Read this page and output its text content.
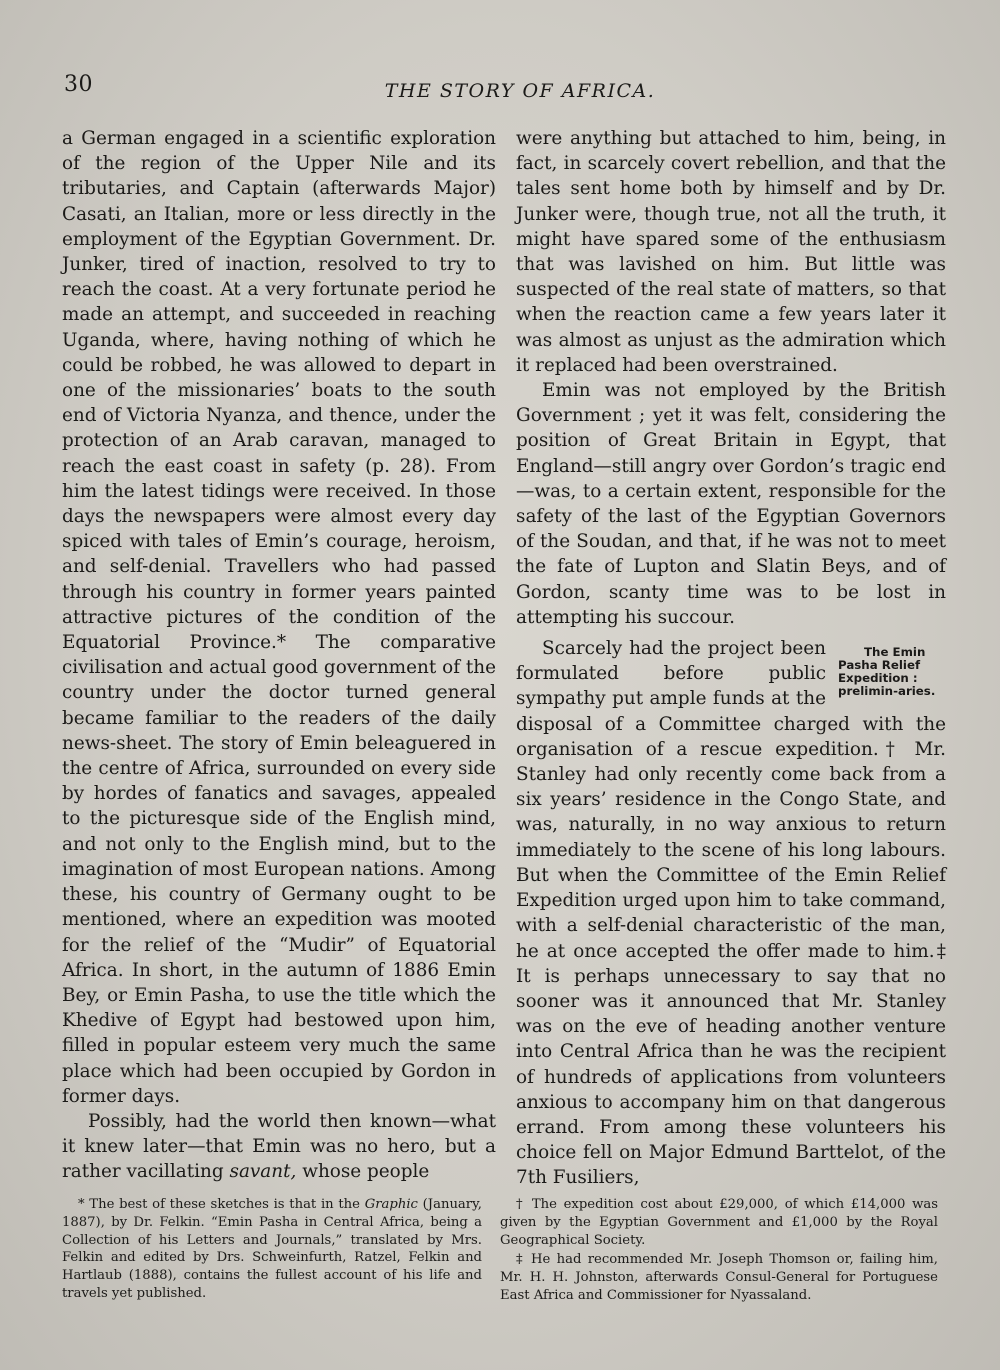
30	THE STORY OF AFRICA.

a German engaged in a scientific exploration of the region of the Upper Nile and its tributaries, and Captain (afterwards Major) Casati, an Italian, more or less directly in the employment of the Egyptian Government. Dr. Junker, tired of inaction, resolved to try to reach the coast. At a very fortunate period he made an attempt, and succeeded in reaching Uganda, where, having nothing of which he could be robbed, he was allowed to depart in one of the missionaries’ boats to the south end of Victoria Nyanza, and thence, under the protection of an Arab caravan, managed to reach the east coast in safety (p. 28). From him the latest tidings were received. In those days the newspapers were almost every day spiced with tales of Emin’s courage, heroism, and self-denial. Travellers who had passed through his country in former years painted attractive pictures of the condition of the Equatorial Province.* The comparative civilisation and actual good government of the country under the doctor turned general became familiar to the readers of the daily news-sheet. The story of Emin beleaguered in the centre of Africa, surrounded on every side by hordes of fanatics and savages, appealed to the picturesque side of the English mind, and not only to the English mind, but to the imagination of most European nations. Among these, his country of Germany ought to be mentioned, where an expedition was mooted for the relief of the “Mudir” of Equatorial Africa. In short, in the autumn of 1886 Emin Bey, or Emin Pasha, to use the title which the Khedive of Egypt had bestowed upon him, filled in popular esteem very much the same place which had been occupied by Gordon in former days.

Possibly, had the world then known—what it knew later—that Emin was no hero, but a rather vacillating savant, whose people

were anything but attached to him, being, in fact, in scarcely covert rebellion, and that the tales sent home both by himself and by Dr. Junker were, though true, not all the truth, it might have spared some of the enthusiasm that was lavished on him. But little was suspected of the real state of matters, so that when the reaction came a few years later it was almost as unjust as the admiration which it replaced had been overstrained.

Emin was not employed by the British Government ; yet it was felt, considering the position of Great Britain in Egypt, that England—still angry over Gordon’s tragic end—was, to a certain extent, responsible for the safety of the last of the Egyptian Governors of the Soudan, and that, if he was not to meet the fate of Lupton and Slatin Beys, and of Gordon, scanty time was to be lost in attempting his succour.

The Emin Pasha Relief Expedition : prelimin-aries.
Scarcely had the project been formulated before public sympathy put ample funds at the disposal of a Committee charged with the organisation of a rescue expedition.† Mr. Stanley had only recently come back from a six years’ residence in the Congo State, and was, naturally, in no way anxious to return immediately to the scene of his long labours. But when the Committee of the Emin Relief Expedition urged upon him to take command, with a self-denial characteristic of the man, he at once accepted the offer made to him.‡ It is perhaps unnecessary to say that no sooner was it announced that Mr. Stanley was on the eve of heading another venture into Central Africa than he was the recipient of hundreds of applications from volunteers anxious to accompany him on that dangerous errand. From among these volunteers his choice fell on Major Edmund Barttelot, of the 7th Fusiliers,

* The best of these sketches is that in the Graphic (January, 1887), by Dr. Felkin. “Emin Pasha in Central Africa, being a Collection of his Letters and Journals,” translated by Mrs. Felkin and edited by Drs. Schweinfurth, Ratzel, Felkin and Hartlaub (1888), contains the fullest account of his life and travels yet published.

† The expedition cost about £29,000, of which £14,000 was given by the Egyptian Government and £1,000 by the Royal Geographical Society.

‡ He had recommended Mr. Joseph Thomson or, failing him, Mr. H. H. Johnston, afterwards Consul-General for Portuguese East Africa and Commissioner for Nyassaland.
